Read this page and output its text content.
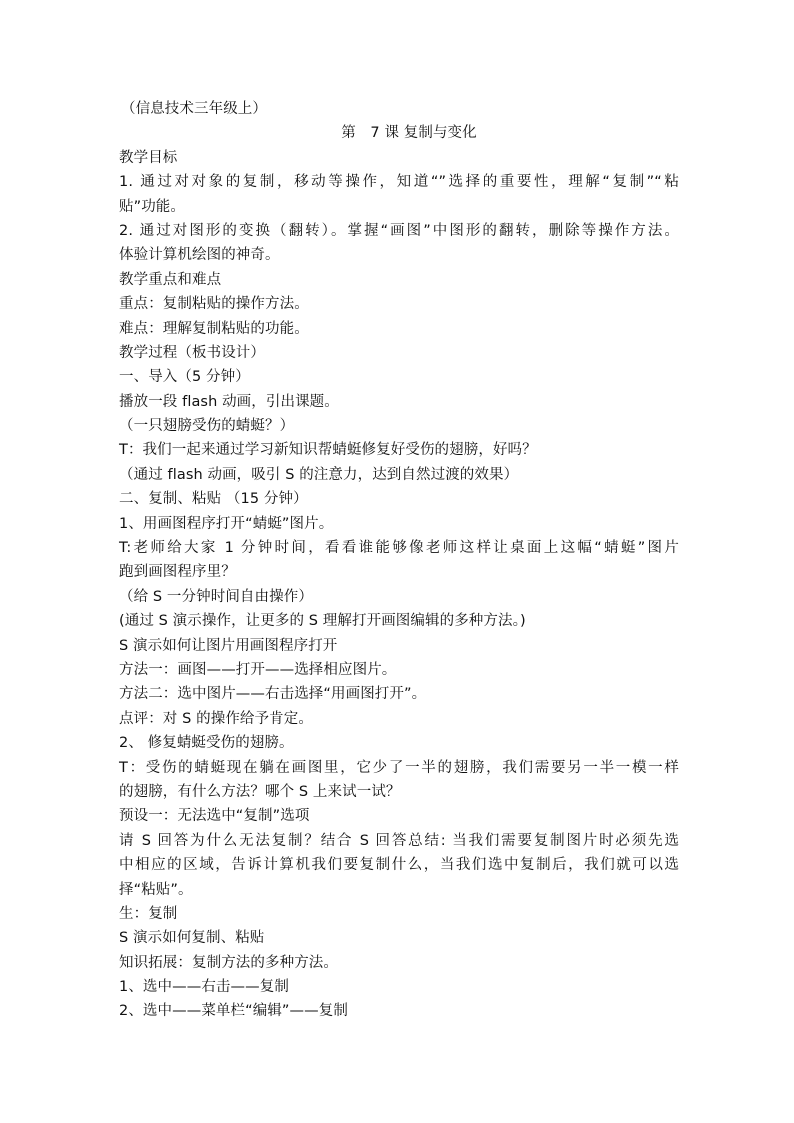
（信息技术三年级上）
第　7 课 复制与变化
教学目标
1. 通过对对象的复制，移动等操作，知道“”选择的重要性，理解“复制”“粘
贴”功能。
2. 通过对图形的变换（翻转）。掌握“画图”中图形的翻转，删除等操作方法。
体验计算机绘图的神奇。
教学重点和难点
重点：复制粘贴的操作方法。
难点：理解复制粘贴的功能。
教学过程（板书设计）
一、导入（5 分钟）
播放一段 flash 动画，引出课题。
（一只翅膀受伤的蜻蜓？）
T：我们一起来通过学习新知识帮蜻蜓修复好受伤的翅膀，好吗？
（通过 flash 动画，吸引 S 的注意力，达到自然过渡的效果）
二、复制、粘贴 （15 分钟）
1、用画图程序打开“蜻蜓”图片。
T:老师给大家 1 分钟时间，看看谁能够像老师这样让桌面上这幅“蜻蜓”图片
跑到画图程序里？
（给 S 一分钟时间自由操作）
(通过 S 演示操作，让更多的 S 理解打开画图编辑的多种方法。)
S 演示如何让图片用画图程序打开
方法一：画图——打开——选择相应图片。
方法二：选中图片——右击选择“用画图打开”。
点评：对 S 的操作给予肯定。
2、 修复蜻蜓受伤的翅膀。
T：受伤的蜻蜓现在躺在画图里，它少了一半的翅膀，我们需要另一半一模一样
的翅膀，有什么方法？哪个 S 上来试一试？
预设一：无法选中“复制”选项
请 S 回答为什么无法复制？结合 S 回答总结: 当我们需要复制图片时必须先选
中相应的区域，告诉计算机我们要复制什么，当我们选中复制后，我们就可以选
择“粘贴”。
生：复制
S 演示如何复制、粘贴
知识拓展：复制方法的多种方法。
1、选中——右击——复制
2、选中——菜单栏“编辑”——复制
